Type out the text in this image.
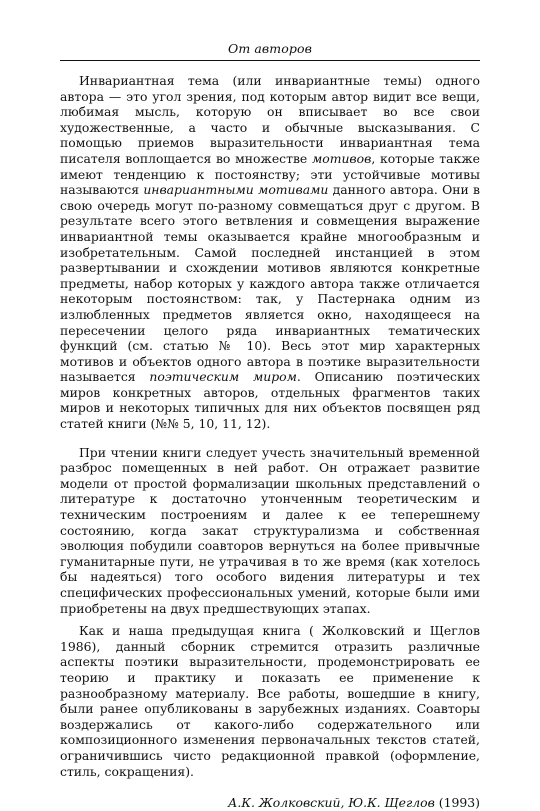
От авторов

Инвариантная тема (или инвариантные темы) одного автора — это угол зрения, под которым автор видит все вещи, любимая мысль, которую он вписывает во все свои художественные, а часто и обычные высказывания. С помощью приемов выразительности инвариантная тема писателя воплощается во множестве мотивов, которые также имеют тенденцию к постоянству; эти устойчивые мотивы называются инвариантными мотивами данного автора. Они в свою очередь могут по-разному совмещаться друг с другом. В результате всего этого ветвления и совмещения выражение инвариантной темы оказывается крайне многообразным и изобретательным. Самой последней инстанцией в этом развертывании и схождении мотивов являются конкретные предметы, набор которых у каждого автора также отличается некоторым постоянством: так, у Пастернака одним из излюбленных предметов является окно, находящееся на пересечении целого ряда инвариантных тематических функций (см. статью № 10). Весь этот мир характерных мотивов и объектов одного автора в поэтике выразительности называется поэтическим миром. Описанию поэтических миров конкретных авторов, отдельных фрагментов таких миров и некоторых типичных для них объектов посвящен ряд статей книги (№№ 5, 10, 11, 12).

При чтении книги следует учесть значительный временной разброс помещенных в ней работ. Он отражает развитие модели от простой формализации школьных представлений о литературе к достаточно утонченным теоретическим и техническим построениям и далее к ее теперешнему состоянию, когда закат структурализма и собственная эволюция побудили соавторов вернуться на более привычные гуманитарные пути, не утрачивая в то же время (как хотелось бы надеяться) того особого видения литературы и тех специфических профессиональных умений, которые были ими приобретены на двух предшествующих этапах.

Как и наша предыдущая книга ( Жолковский и Щеглов 1986), данный сборник стремится отразить различные аспекты поэтики выразительности, продемонстрировать ее теорию и практику и показать ее применение к разнообразному материалу. Все работы, вошедшие в книгу, были ранее опубликованы в зарубежных изданиях. Соавторы воздержались от какого-либо содержательного или композиционного изменения первоначальных текстов статей, ограничившись чисто редакционной правкой (оформление, стиль, сокращения).

А.К. Жолковский, Ю.К. Щеглов (1993)
